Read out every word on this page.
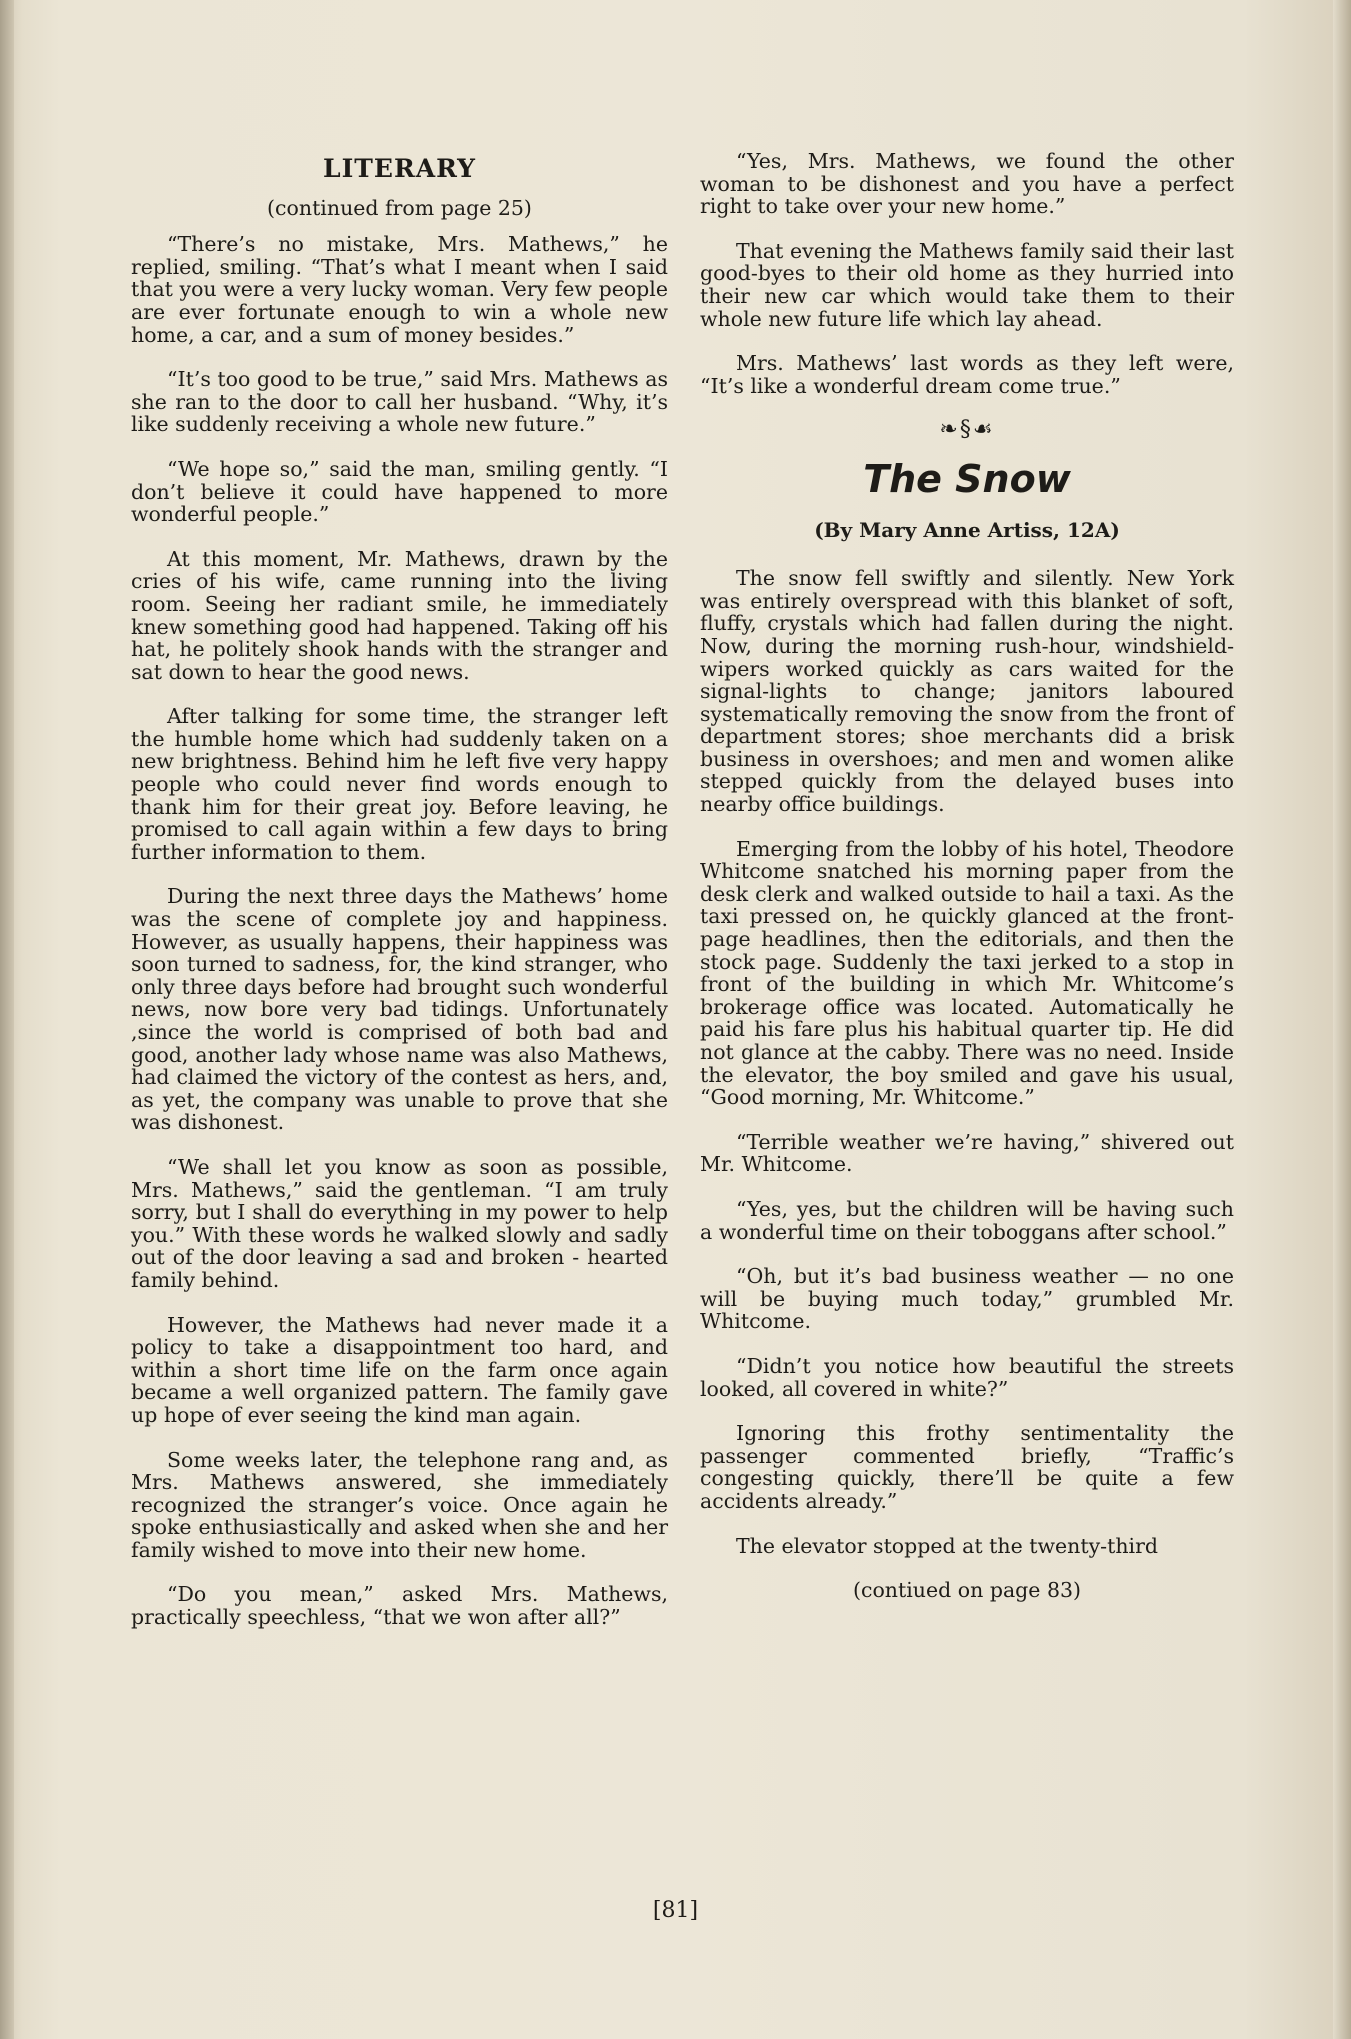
LITERARY
(continued from page 25)

“There’s no mistake, Mrs. Mathews,” he replied, smiling. “That’s what I meant when I said that you were a very lucky woman. Very few people are ever fortunate enough to win a whole new home, a car, and a sum of money besides.”

“It’s too good to be true,” said Mrs. Mathews as she ran to the door to call her husband. “Why, it’s like suddenly receiving a whole new future.”

“We hope so,” said the man, smiling gently. “I don’t believe it could have happened to more wonderful people.”

At this moment, Mr. Mathews, drawn by the cries of his wife, came running into the living room. Seeing her radiant smile, he immediately knew something good had happened. Taking off his hat, he politely shook hands with the stranger and sat down to hear the good news.

After talking for some time, the stranger left the humble home which had suddenly taken on a new brightness. Behind him he left five very happy people who could never find words enough to thank him for their great joy. Before leaving, he promised to call again within a few days to bring further information to them.

During the next three days the Mathews’ home was the scene of complete joy and happiness. However, as usually happens, their happiness was soon turned to sadness, for, the kind stranger, who only three days before had brought such wonderful news, now bore very bad tidings. Unfortunately ,since the world is comprised of both bad and good, another lady whose name was also Mathews, had claimed the victory of the contest as hers, and, as yet, the company was unable to prove that she was dishonest.

“We shall let you know as soon as possible, Mrs. Mathews,” said the gentleman. “I am truly sorry, but I shall do everything in my power to help you.” With these words he walked slowly and sadly out of the door leaving a sad and broken - hearted family behind.

However, the Mathews had never made it a policy to take a disappointment too hard, and within a short time life on the farm once again became a well organized pattern. The family gave up hope of ever seeing the kind man again.

Some weeks later, the telephone rang and, as Mrs. Mathews answered, she immediately recognized the stranger’s voice. Once again he spoke enthusiastically and asked when she and her family wished to move into their new home.

“Do you mean,” asked Mrs. Mathews, practically speechless, “that we won after all?”

“Yes, Mrs. Mathews, we found the other woman to be dishonest and you have a perfect right to take over your new home.”

That evening the Mathews family said their last good-byes to their old home as they hurried into their new car which would take them to their whole new future life which lay ahead.

Mrs. Mathews’ last words as they left were, “It’s like a wonderful dream come true.”

❧§☙
The Snow
(By Mary Anne Artiss, 12A)

The snow fell swiftly and silently. New York was entirely overspread with this blanket of soft, fluffy, crystals which had fallen during the night. Now, during the morning rush-hour, windshield-wipers worked quickly as cars waited for the signal-lights to change; janitors laboured systematically removing the snow from the front of department stores; shoe merchants did a brisk business in overshoes; and men and women alike stepped quickly from the delayed buses into nearby office buildings.

Emerging from the lobby of his hotel, Theodore Whitcome snatched his morning paper from the desk clerk and walked outside to hail a taxi. As the taxi pressed on, he quickly glanced at the front-page headlines, then the editorials, and then the stock page. Suddenly the taxi jerked to a stop in front of the building in which Mr. Whitcome’s brokerage office was located. Automatically he paid his fare plus his habitual quarter tip. He did not glance at the cabby. There was no need. Inside the elevator, the boy smiled and gave his usual, “Good morning, Mr. Whitcome.”

“Terrible weather we’re having,” shivered out Mr. Whitcome.

“Yes, yes, but the children will be having such a wonderful time on their toboggans after school.”

“Oh, but it’s bad business weather — no one will be buying much today,” grumbled Mr. Whitcome.

“Didn’t you notice how beautiful the streets looked, all covered in white?”

Ignoring this frothy sentimentality the passenger commented briefly, “Traffic’s congesting quickly, there’ll be quite a few accidents already.”

The elevator stopped at the twenty-third

(contiued on page 83)
[81]
